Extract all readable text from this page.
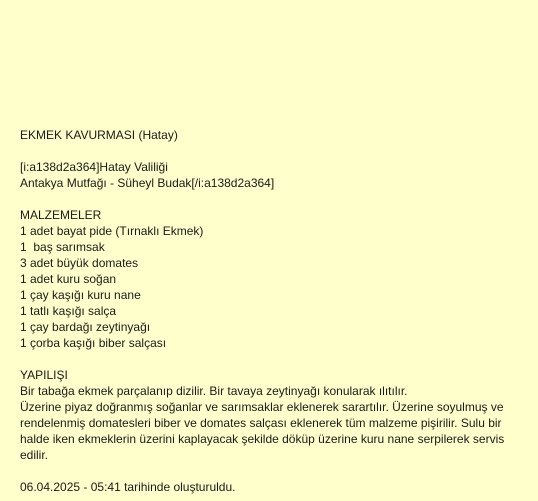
EKMEK KAVURMASI (Hatay)
[i:a138d2a364]Hatay Valiliği
Antakya Mutfağı - Süheyl Budak[/i:a138d2a364]
MALZEMELER
1 adet bayat pide (Tırnaklı Ekmek)
1  baş sarımsak
3 adet büyük domates
1 adet kuru soğan
1 çay kaşığı kuru nane
1 tatlı kaşığı salça
1 çay bardağı zeytinyağı
1 çorba kaşığı biber salçası
YAPILIŞI
Bir tabağa ekmek parçalanıp dizilir. Bir tavaya zeytinyağı konularak ılıtılır.
Üzerine piyaz doğranmış soğanlar ve sarımsaklar eklenerek sarartılır. Üzerine soyulmuş ve rendelenmiş domatesleri biber ve domates salçası eklenerek tüm malzeme pişirilir. Sulu bir halde iken ekmeklerin üzerini kaplayacak şekilde döküp üzerine kuru nane serpilerek servis edilir.
06.04.2025 - 05:41 tarihinde oluşturuldu.
